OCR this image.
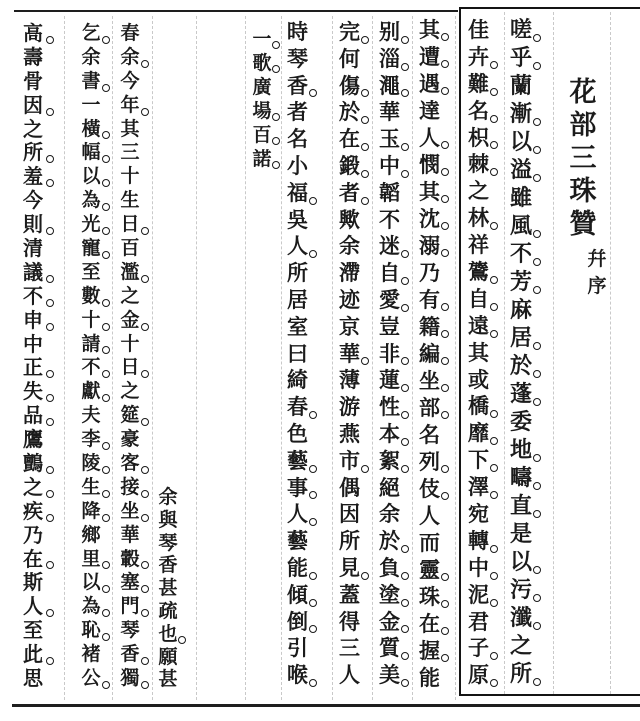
花
部
三
珠
贊
幷
序
嗟
乎
蘭
漸
以
溢
雖
風
不
芳
麻
居
於
蓬
委
地
疇
直
是
以
污
瀸
之
所
佳
卉
難
名
枳
棘
之
林
祥
鷟
自
遠
其
或
橋
靡
下
澤
宛
轉
中
泥
君
子
原
其
遭
遇
達
人
憫
其
沈
溺
乃
有
籍
編
坐
部
名
列
伎
人
而
靈
珠
在
握
能
别
淄
澠
華
玉
中
韜
不
迷
自
愛
豈
非
蓮
性
本
絮
絕
余
於
負
塗
金
質
美
完
何
傷
於
在
鍛
者
歟
余
滯
迹
京
華
薄
游
燕
市
偶
因
所
見
蓋
得
三
人
時
琴
香
者
名
小
福
吳
人
所
居
室
曰
綺
春
色
藝
事
人
藝
能
傾
倒
引
喉
一
歌
廣
場
百
諾
余
與
琴
香
甚
疏
也
願
甚
春
余
今
年
其
三
十
生
日
百
濫
之
金
十
日
之
筵
豪
客
接
坐
華
轂
塞
門
琴
香
獨
乞
余
書
一
橫
幅
以
為
光
寵
至
數
十
請
不
獻
夫
李
陵
生
降
鄉
里
以
為
恥
褚
公
高
壽
骨
因
之
所
羞
今
則
清
議
不
申
中
正
失
品
鷹
鸇
之
疾
乃
在
斯
人
至
此
思
